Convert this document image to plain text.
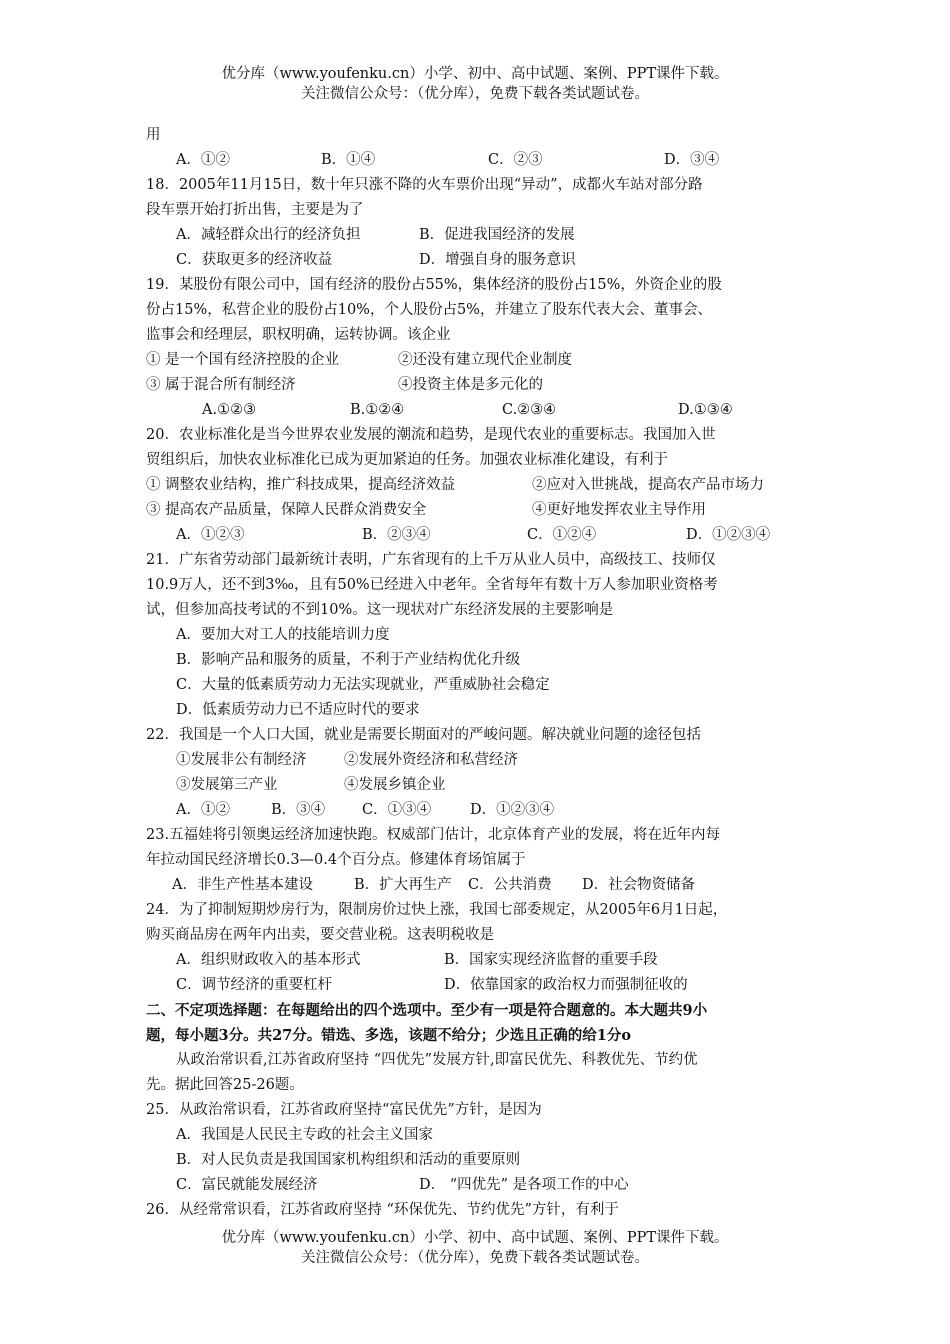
优分库（www.youfenku.cn）小学、初中、高中试题、案例、PPT课件下载。
关注微信公众号：（优分库），免费下载各类试题试卷。
用
A．①②	B．①④	C．②③	D．③④
18．2005年11月15日，数十年只涨不降的火车票价出现“异动”，成都火车站对部分路
段车票开始打折出售，主要是为了
A．减轻群众出行的经济负担	B．促进我国经济的发展
C．获取更多的经济收益	D．增强自身的服务意识
19．某股份有限公司中，国有经济的股份占55%，集体经济的股份占15%，外资企业的股
份占15%，私营企业的股份占10%，个人股份占5%，并建立了股东代表大会、董事会、
监事会和经理层，职权明确，运转协调。该企业
① 是一个国有经济控股的企业	②还没有建立现代企业制度
③ 属于混合所有制经济	④投资主体是多元化的
A.①②③	B.①②④	C.②③④	D.①③④
20．农业标准化是当今世界农业发展的潮流和趋势，是现代农业的重要标志。我国加入世
贸组织后，加快农业标准化已成为更加紧迫的任务。加强农业标准化建设，有利于
① 调整农业结构，推广科技成果，提高经济效益	②应对入世挑战，提高农产品市场力
③ 提高农产品质量，保障人民群众消费安全	④更好地发挥农业主导作用
A．①②③	B．②③④	C．①②④	D．①②③④
21．广东省劳动部门最新统计表明，广东省现有的上千万从业人员中，高级技工、技师仅
10.9万人，还不到3‰，且有50%已经进入中老年。全省每年有数十万人参加职业资格考
试，但参加高技考试的不到10%。这一现状对广东经济发展的主要影响是
A．要加大对工人的技能培训力度
B．影响产品和服务的质量，不利于产业结构优化升级
C．大量的低素质劳动力无法实现就业，严重威胁社会稳定
D．低素质劳动力已不适应时代的要求
22．我国是一个人口大国，就业是需要长期面对的严峻问题。解决就业问题的途径包括
①发展非公有制经济	②发展外资经济和私营经济
③发展第三产业	④发展乡镇企业
A．①②	B．③④	C．①③④	D．①②③④
23.五福娃将引领奥运经济加速快跑。权威部门估计，北京体育产业的发展，将在近年内每
年拉动国民经济增长0.3—0.4个百分点。修建体育场馆属于
A．非生产性基本建设	B．扩大再生产	C．公共消费	D．社会物资储备
24．为了抑制短期炒房行为，限制房价过快上涨，我国七部委规定，从2005年6月1日起，
购买商品房在两年内出卖，要交营业税。这表明税收是
A．组织财政收入的基本形式	B．国家实现经济监督的重要手段
C．调节经济的重要杠杆	D．依靠国家的政治权力而强制征收的
二、不定项选择题：在每题给出的四个选项中。至少有一项是符合题意的。本大题共9小
题，每小题3分。共27分。错选、多选，该题不给分；少选且正确的给1分o
从政治常识看,江苏省政府坚持 “四优先”发展方针,即富民优先、科教优先、节约优
先。据此回答25-26题。
25．从政治常识看，江苏省政府坚持“富民优先”方针，是因为
A．我国是人民民主专政的社会主义国家
B．对人民负责是我国国家机构组织和活动的重要原则
C．富民就能发展经济	D． “四优先” 是各项工作的中心
26．从经常常识看，江苏省政府坚持 “环保优先、节约优先”方针，有利于
优分库（www.youfenku.cn）小学、初中、高中试题、案例、PPT课件下载。
关注微信公众号：（优分库），免费下载各类试题试卷。
